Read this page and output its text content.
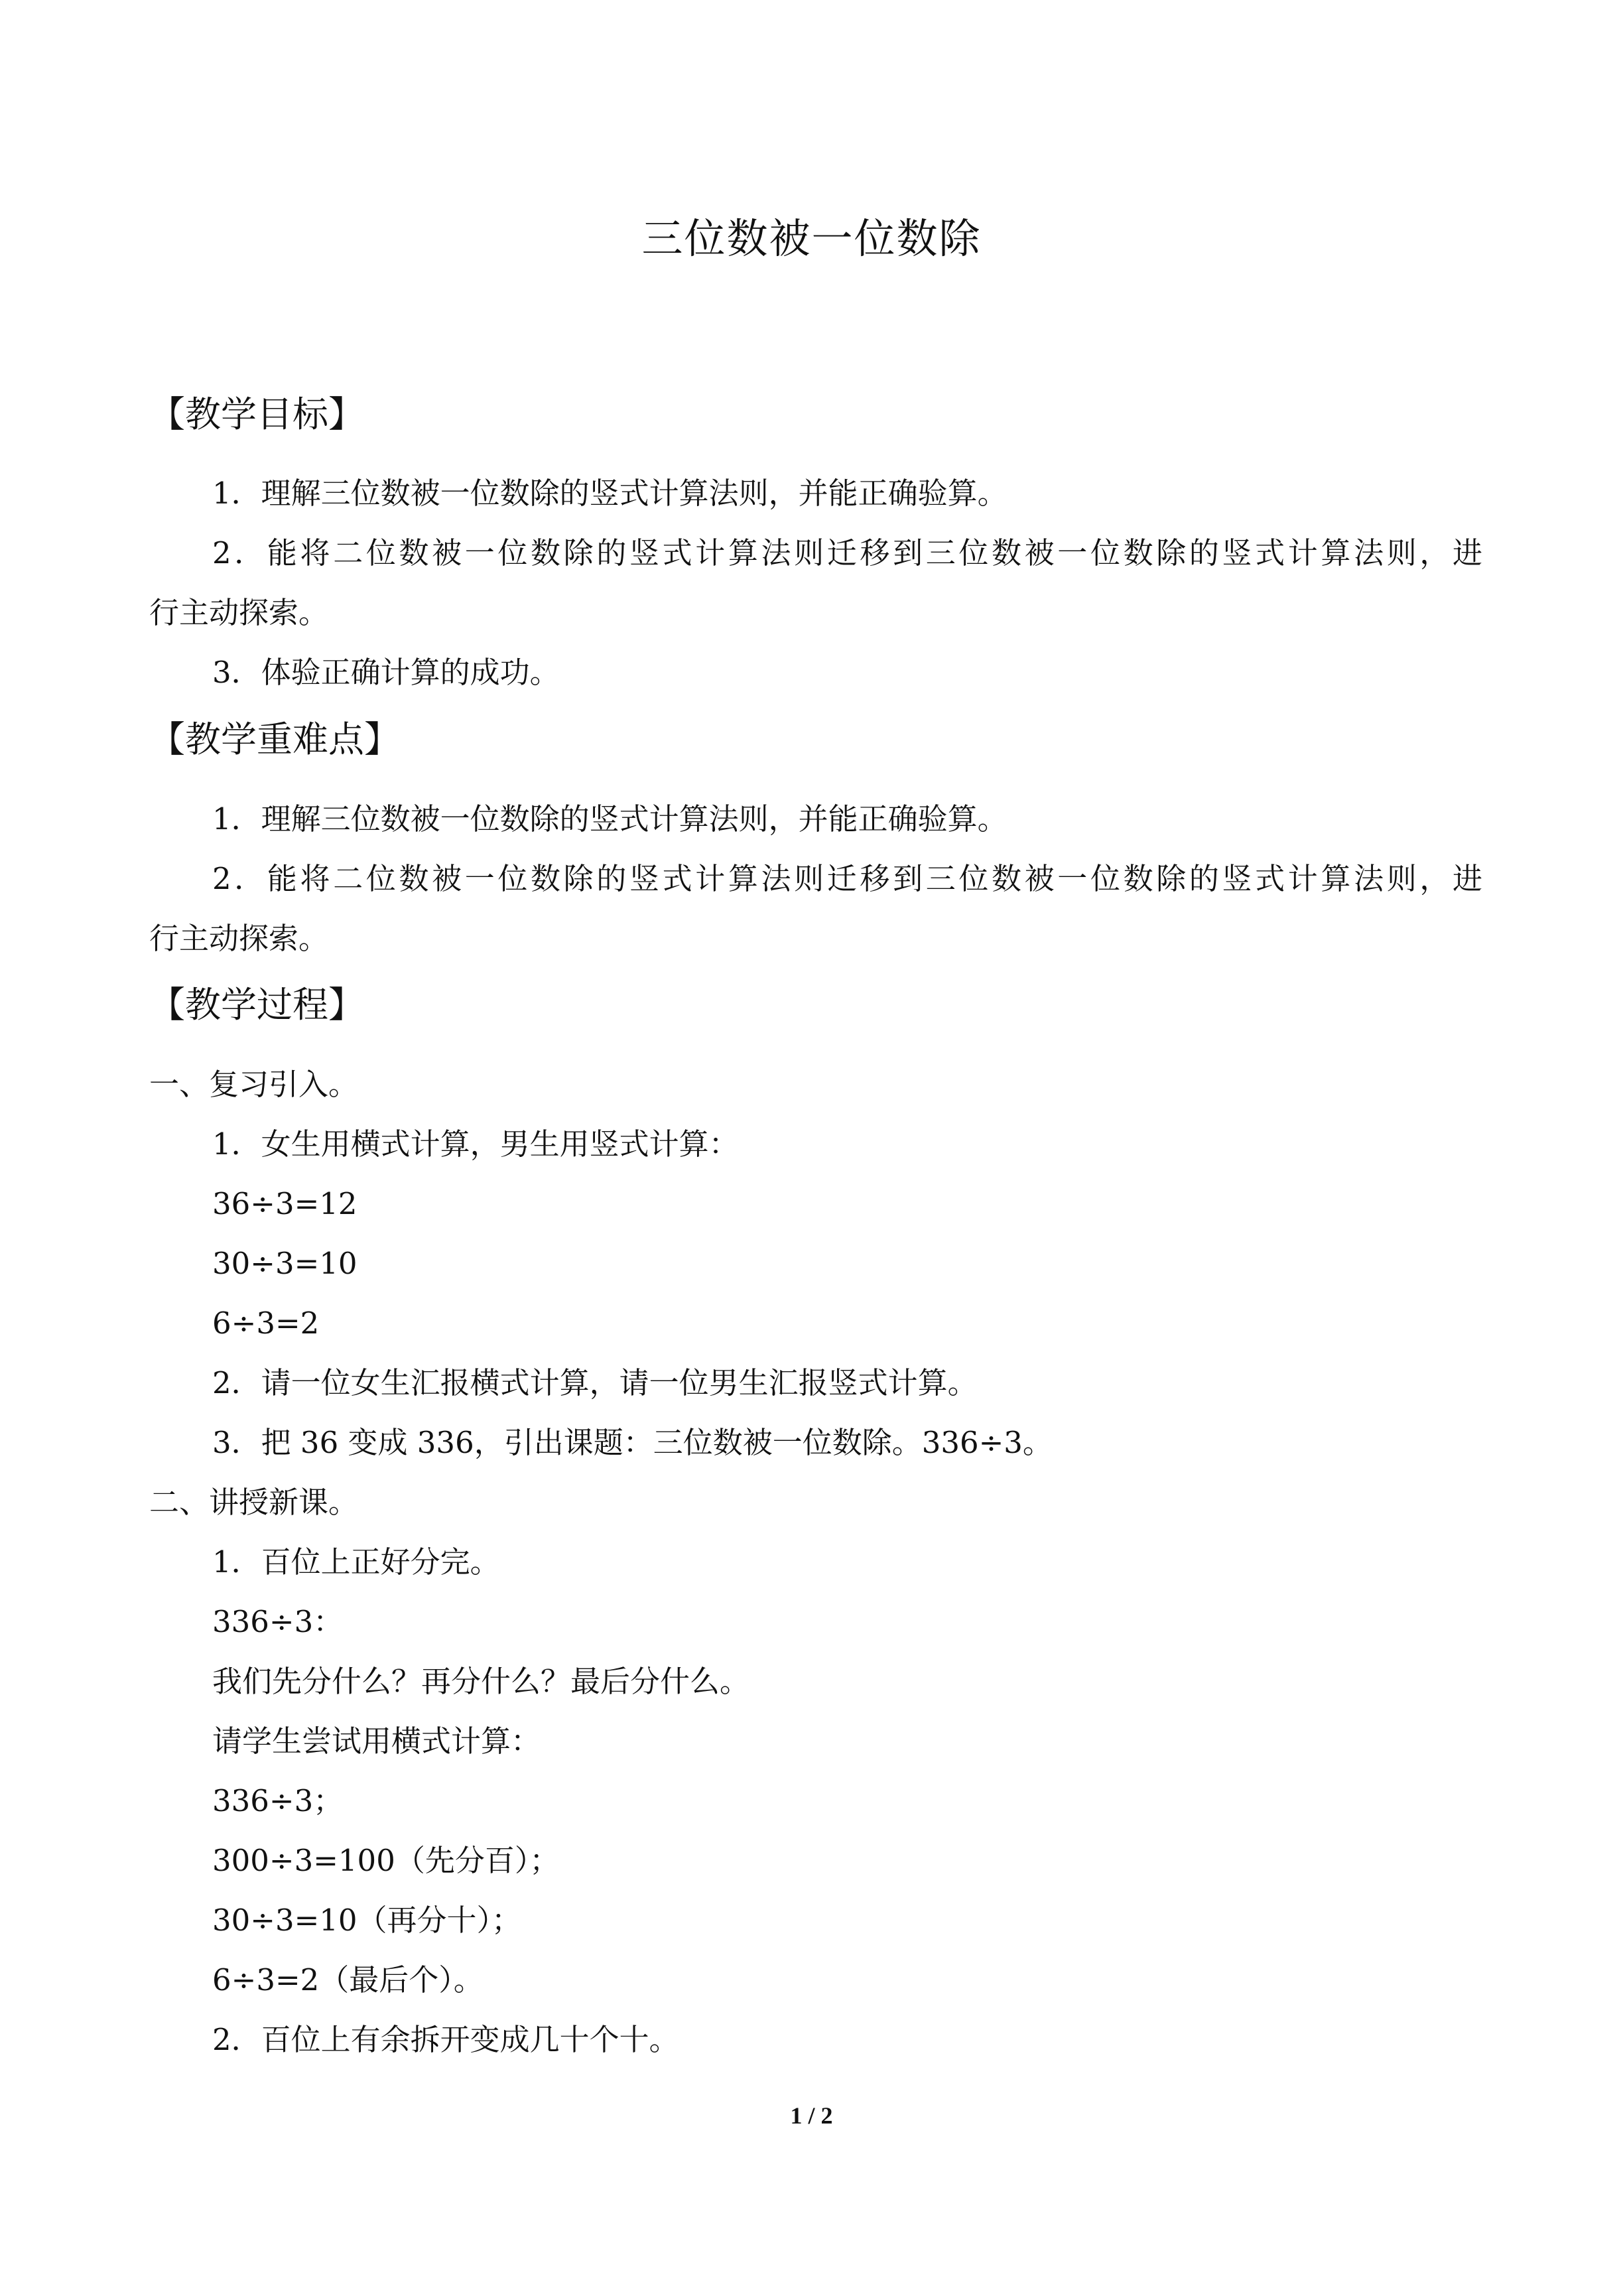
三位数被一位数除
【教学目标】
1．理解三位数被一位数除的竖式计算法则，并能正确验算。
2．能将二位数被一位数除的竖式计算法则迁移到三位数被一位数除的竖式计算法则，进
行主动探索。
3．体验正确计算的成功。
【教学重难点】
1．理解三位数被一位数除的竖式计算法则，并能正确验算。
2．能将二位数被一位数除的竖式计算法则迁移到三位数被一位数除的竖式计算法则，进
行主动探索。
【教学过程】
一、复习引入。
1．女生用横式计算，男生用竖式计算：
36÷3=12
30÷3=10
6÷3=2
2．请一位女生汇报横式计算，请一位男生汇报竖式计算。
3．把 36 变成 336，引出课题：三位数被一位数除。336÷3。
二、讲授新课。
1．百位上正好分完。
336÷3：
我们先分什么？再分什么？最后分什么。
请学生尝试用横式计算：
336÷3；
300÷3=100（先分百）；
30÷3=10（再分十）；
6÷3=2（最后个）。
2．百位上有余拆开变成几十个十。
1 / 2
